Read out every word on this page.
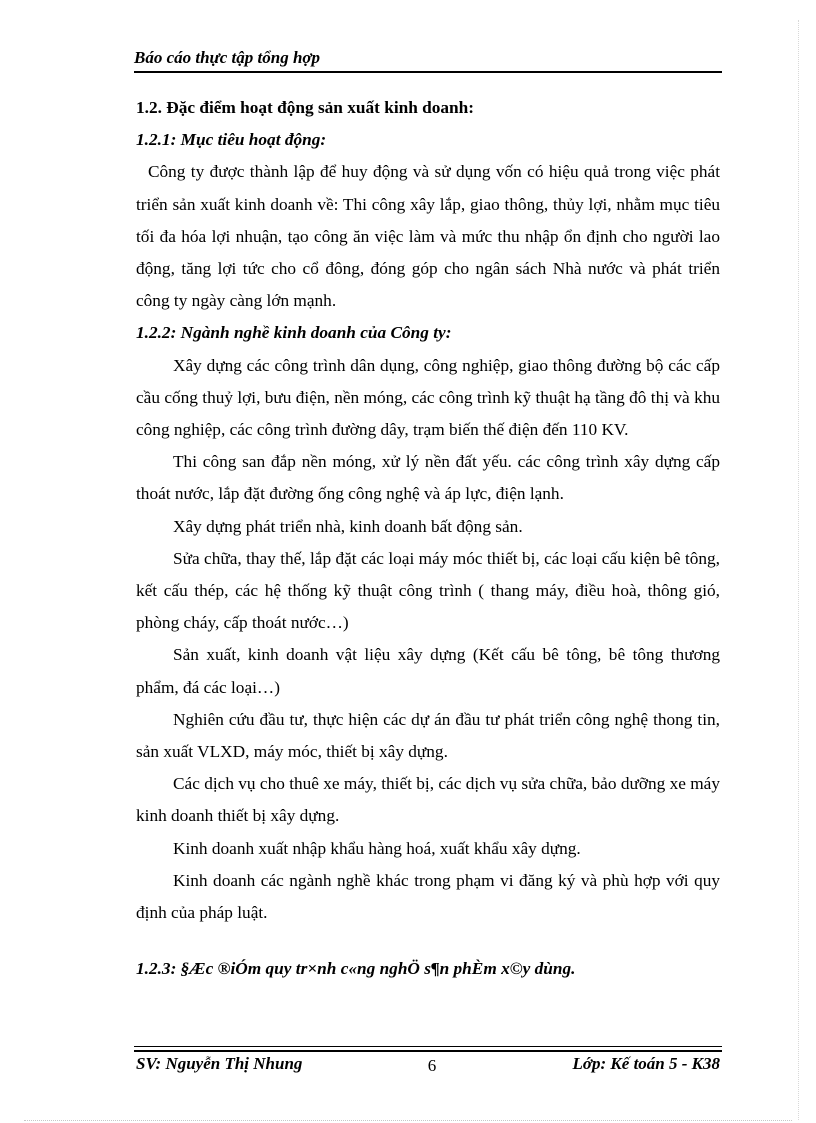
Báo cáo thực tập tổng hợp

1.2. Đặc điểm hoạt động sản xuất kinh doanh:

1.2.1: Mục tiêu hoạt động:

Công ty được thành lập để huy động và sử dụng vốn có hiệu quả trong việc phát triển sản xuất kinh doanh về: Thi công xây lắp, giao thông, thủy lợi, nhằm mục tiêu tối đa hóa lợi nhuận, tạo công ăn việc làm và mức thu nhập ổn định cho người lao động, tăng lợi tức cho cổ đông, đóng góp cho ngân sách Nhà nước và phát triển công ty ngày càng lớn mạnh.

1.2.2: Ngành nghề kinh doanh của Công ty:

Xây dựng các công trình dân dụng, công nghiệp, giao thông đường bộ các cấp cầu cống thuỷ lợi, bưu điện, nền móng, các công trình kỹ thuật hạ tầng đô thị và khu công nghiệp, các công trình đường dây, trạm biến thế điện đến 110 KV.

Thi công san đắp nền móng, xử lý nền đất yếu. các công trình xây dựng cấp thoát nước, lắp đặt đường ống công nghệ và áp lực, điện lạnh.

Xây dựng phát triển nhà, kinh doanh bất động sản.

Sửa chữa, thay thế, lắp đặt các loại máy móc thiết bị, các loại cấu kiện bê tông, kết cấu thép, các hệ thống kỹ thuật công trình ( thang máy, điều hoà, thông gió, phòng cháy, cấp thoát nước…)

Sản xuất, kinh doanh vật liệu xây dựng (Kết cấu bê tông, bê tông thương phẩm, đá các loại…)

Nghiên cứu đầu tư, thực hiện các dự án đầu tư phát triển công nghệ thong tin, sản xuất VLXD, máy móc, thiết bị xây dựng.

Các dịch vụ cho thuê xe máy, thiết bị, các dịch vụ sửa chữa, bảo dưỡng xe máy kinh doanh thiết bị xây dựng.

Kinh doanh xuất nhập khẩu hàng hoá, xuất khẩu xây dựng.

Kinh doanh các ngành nghề khác trong phạm vi đăng ký và phù hợp với quy định của pháp luật.

1.2.3: §Æc ®iÓm quy tr×nh c«ng nghÖ s¶n phÈm x©y dùng.

SV: Nguyễn Thị Nhung	6	Lớp: Kế toán 5 - K38
